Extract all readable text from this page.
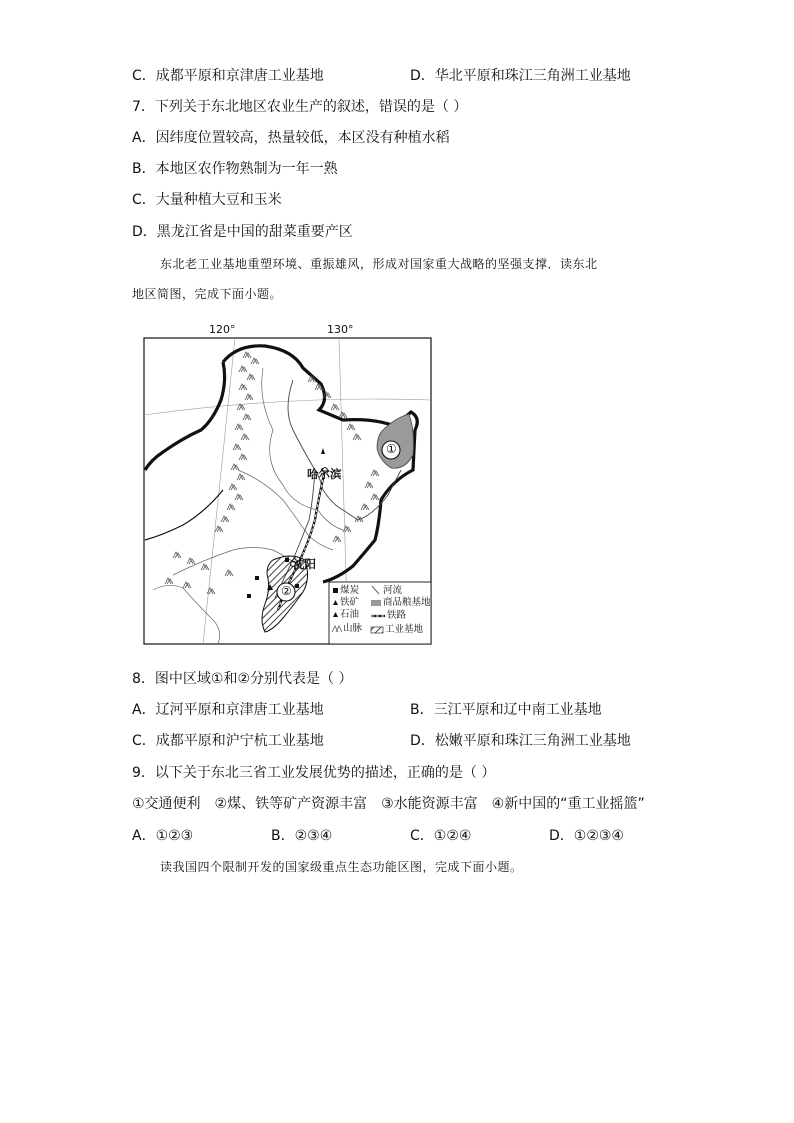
C．成都平原和京津唐工业基地	D．华北平原和珠江三角洲工业基地
7．下列关于东北地区农业生产的叙述，错误的是（ ）
A．因纬度位置较高，热量较低，本区没有种植水稻
B．本地区农作物熟制为一年一熟
C．大量种植大豆和玉米
D．黑龙江省是中国的甜菜重要产区
东北老工业基地重塑环境、重振雄风，形成对国家重大战略的坚强支撑．读东北
地区简图，完成下面小题。
120°	130°
哈尔滨
沈阳
①
②	煤炭
铁矿
石油
山脉
河流
商品粮基地
铁路
工业基地
8．图中区域①和②分别代表是（ ）
A．辽河平原和京津唐工业基地	B．三江平原和辽中南工业基地
C．成都平原和沪宁杭工业基地	D．松嫩平原和珠江三角洲工业基地
9．以下关于东北三省工业发展优势的描述，正确的是（ ）
①交通便利　②煤、铁等矿产资源丰富　③水能资源丰富　④新中国的“重工业摇篮”
A．①②③	B．②③④	C．①②④	D．①②③④
读我国四个限制开发的国家级重点生态功能区图，完成下面小题。
